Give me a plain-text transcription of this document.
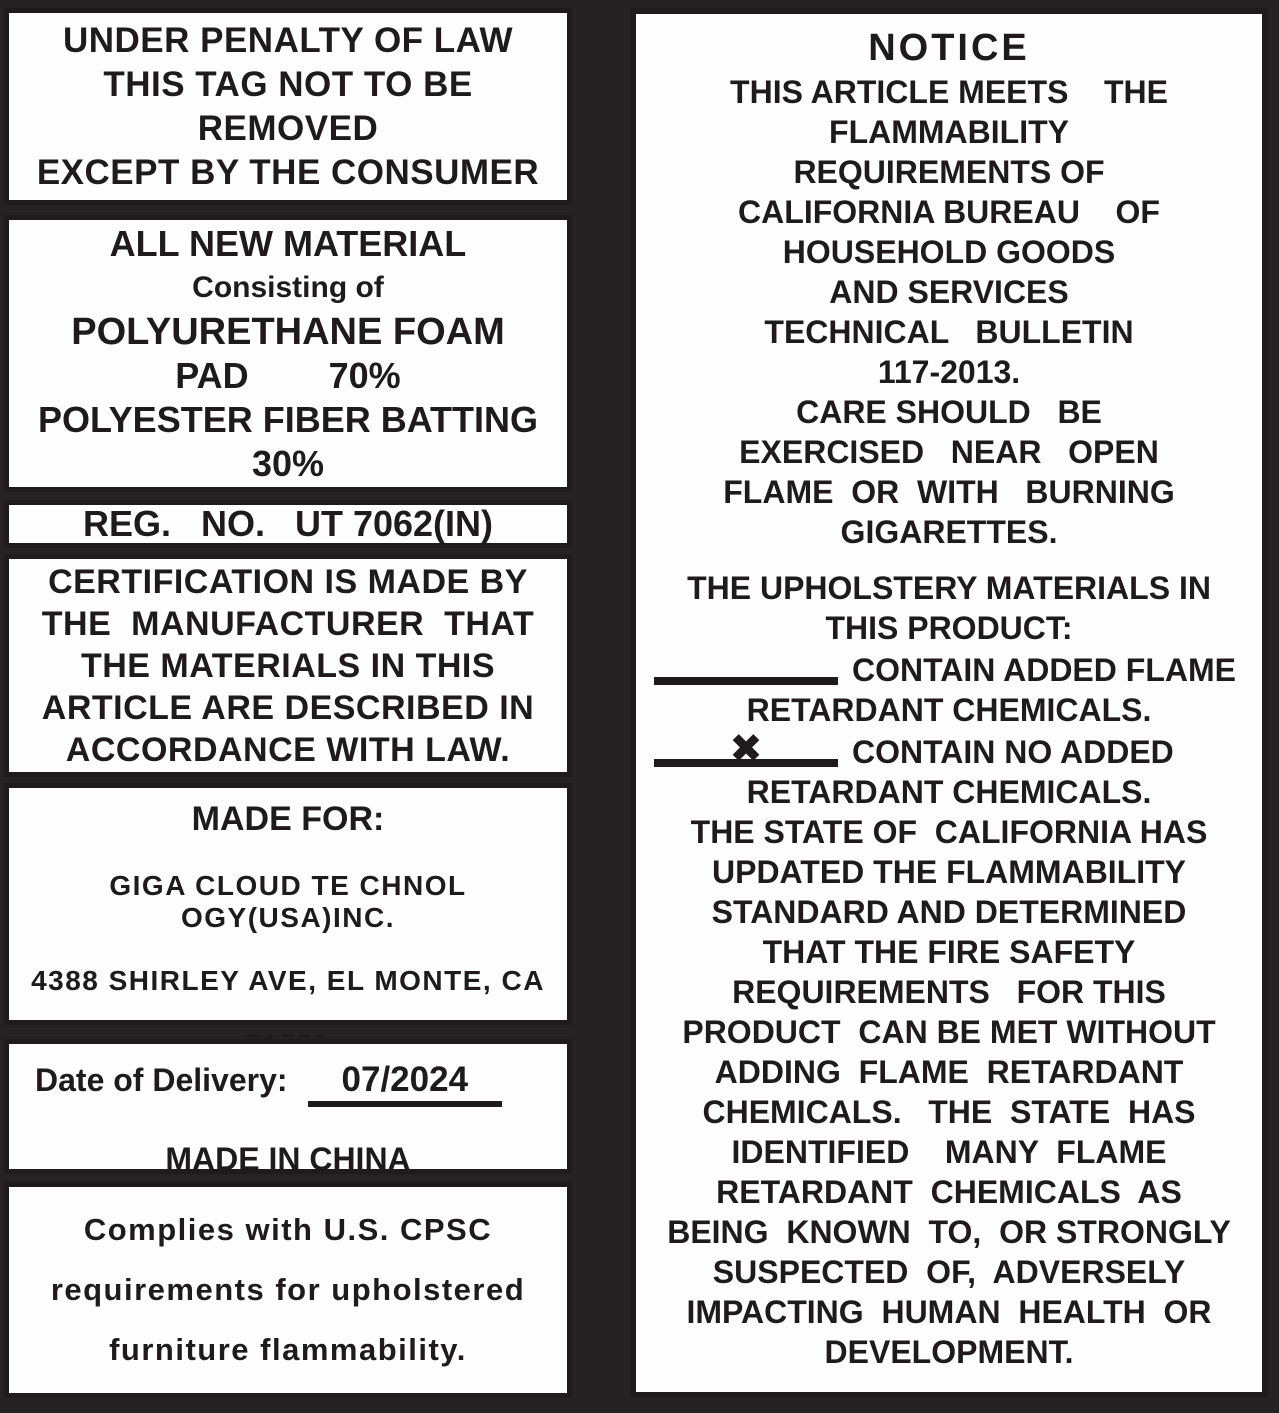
UNDER PENALTY OF LAW
THIS TAG NOT TO BE
REMOVED
EXCEPT BY THE CONSUMER
ALL NEW MATERIAL
Consisting of
POLYURETHANE FOAM
PAD        70%
POLYESTER FIBER BATTING
30%
REG.   NO.   UT 7062(IN)
CERTIFICATION IS MADE BY
THE  MANUFACTURER  THAT
THE MATERIALS IN THIS
ARTICLE ARE DESCRIBED IN
ACCORDANCE WITH LAW.
MADE FOR:
GIGA CLOUD TE CHNOL OGY(USA)INC.
4388 SHIRLEY AVE, EL MONTE, CA
Date of Delivery:	07/2024
MADE IN CHINA
Complies with U.S. CPSC
requirements for upholstered
furniture flammability.
NOTICE
THIS ARTICLE MEETS    THE
FLAMMABILITY
REQUIREMENTS OF
CALIFORNIA BUREAU    OF
HOUSEHOLD GOODS
AND SERVICES
TECHNICAL   BULLETIN
117-2013.
CARE SHOULD   BE
EXERCISED   NEAR   OPEN
FLAME  OR  WITH   BURNING
GIGARETTES.
THE UPHOLSTERY MATERIALS IN
THIS PRODUCT:
CONTAIN ADDED FLAME
RETARDANT CHEMICALS.
✖	CONTAIN NO ADDED
RETARDANT CHEMICALS.
THE STATE OF  CALIFORNIA HAS
UPDATED THE FLAMMABILITY
STANDARD AND DETERMINED
THAT THE FIRE SAFETY
REQUIREMENTS   FOR THIS
PRODUCT  CAN BE MET WITHOUT
ADDING  FLAME  RETARDANT
CHEMICALS.   THE  STATE  HAS
IDENTIFIED    MANY  FLAME
RETARDANT  CHEMICALS  AS
BEING  KNOWN  TO,  OR STRONGLY
SUSPECTED  OF,  ADVERSELY
IMPACTING  HUMAN  HEALTH  OR
DEVELOPMENT.
